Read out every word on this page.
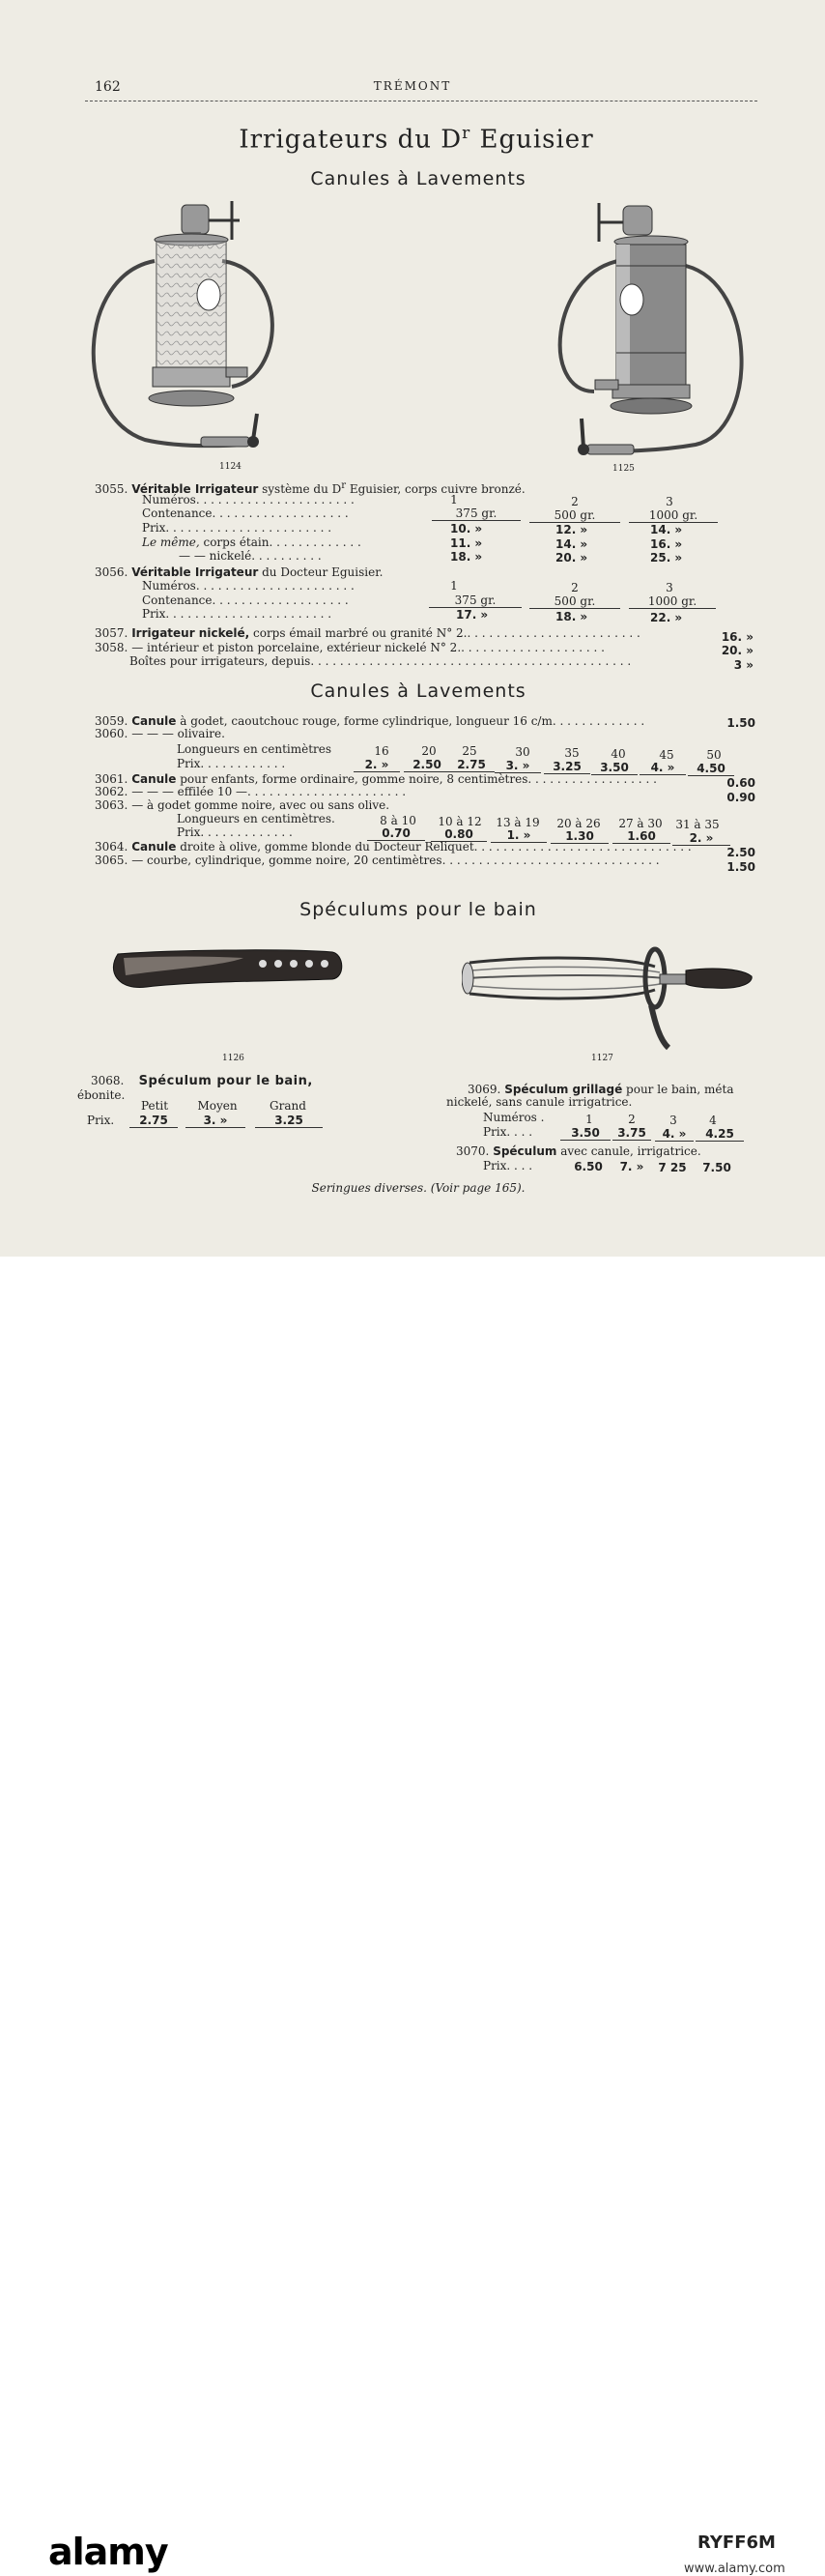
162	TRÉMONT
Irrigateurs du $D^r$ Eguisier
Canules à Lavements
1124	1125
3055. Véritable Irrigateur système du $D^r$ Eguisier, corps cuivre bronzé.
Numéros. . . . . . . . . . . . . . . . . . . . . .	1	2	3
Contenance. . . . . . . . . . . . . . . . . . .	375 gr.	500 gr.	1000 gr.
Prix. . . . . . . . . . . . . . . . . . . . . . .	10. »	12. »	14. »
Le même, corps étain. . . . . . . . . . . . .	11. »	14. »	16. »
— — nickelé. . . . . . . . . .	18. »	20. »	25. »
3056. Véritable Irrigateur du Docteur Eguisier.
Numéros. . . . . . . . . . . . . . . . . . . . . .	1	2	3
Contenance. . . . . . . . . . . . . . . . . . .	375 gr.	500 gr.	1000 gr.
Prix. . . . . . . . . . . . . . . . . . . . . . .	17. »	18. »	22. »
3057. Irrigateur nickelé, corps émail marbré ou granité N° 2.. . . . . . . . . . . . . . . . . . . . . . . .	16. »
3058. — intérieur et piston porcelaine, extérieur nickelé N° 2.. . . . . . . . . . . . . . . . . . . .	20. »
Boîtes pour irrigateurs, depuis. . . . . . . . . . . . . . . . . . . . . . . . . . . . . . . . . . . . . . . . . . . .	3 »
Canules à Lavements
3059. Canule à godet, caoutchouc rouge, forme cylindrique, longueur 16 c/m. . . . . . . . . . . . .	1.50
3060. — — — olivaire.
Longueurs en centimètres	16	20	25	30	35	40	45	50
Prix. . . . . . . . . . . .	2. »	2.50	2.75	3. »	3.25	3.50	4. »	4.50
3061. Canule pour enfants, forme ordinaire, gomme noire, 8 centimètres. . . . . . . . . . . . . . . . . .	0.60
3062. — — — effilée 10 —. . . . . . . . . . . . . . . . . . . . . .	0.90
3063. — à godet gomme noire, avec ou sans olive.
Longueurs en centimètres.	8 à 10	10 à 12	13 à 19	20 à 26	27 à 30	31 à 35
Prix. . . . . . . . . . . . .	0.70	0.80	1. »	1.30	1.60	2. »
3064. Canule droite à olive, gomme blonde du Docteur Reliquet. . . . . . . . . . . . . . . . . . . . . . . . . . . . . .	2.50
3065. — courbe, cylindrique, gomme noire, 20 centimètres. . . . . . . . . . . . . . . . . . . . . . . . . . . . . .	1.50
Spéculums pour le bain
1126	1127
3068. Spéculum pour le bain,
ébonite.
Petit	Moyen	Grand
Prix.	2.75	3. »	3.25
3069. Spéculum grillagé pour le bain, méta
nickelé, sans canule irrigatrice.
Numéros .	1	2	3	4
Prix. . . .	3.50	3.75	4. »	4.25
3070. Spéculum avec canule, irrigatrice.
Prix. . . .	6.50	7. »	7 25	7.50
Seringues diverses. (Voir page 165).
alamy	RYFF6M
www.alamy.com
